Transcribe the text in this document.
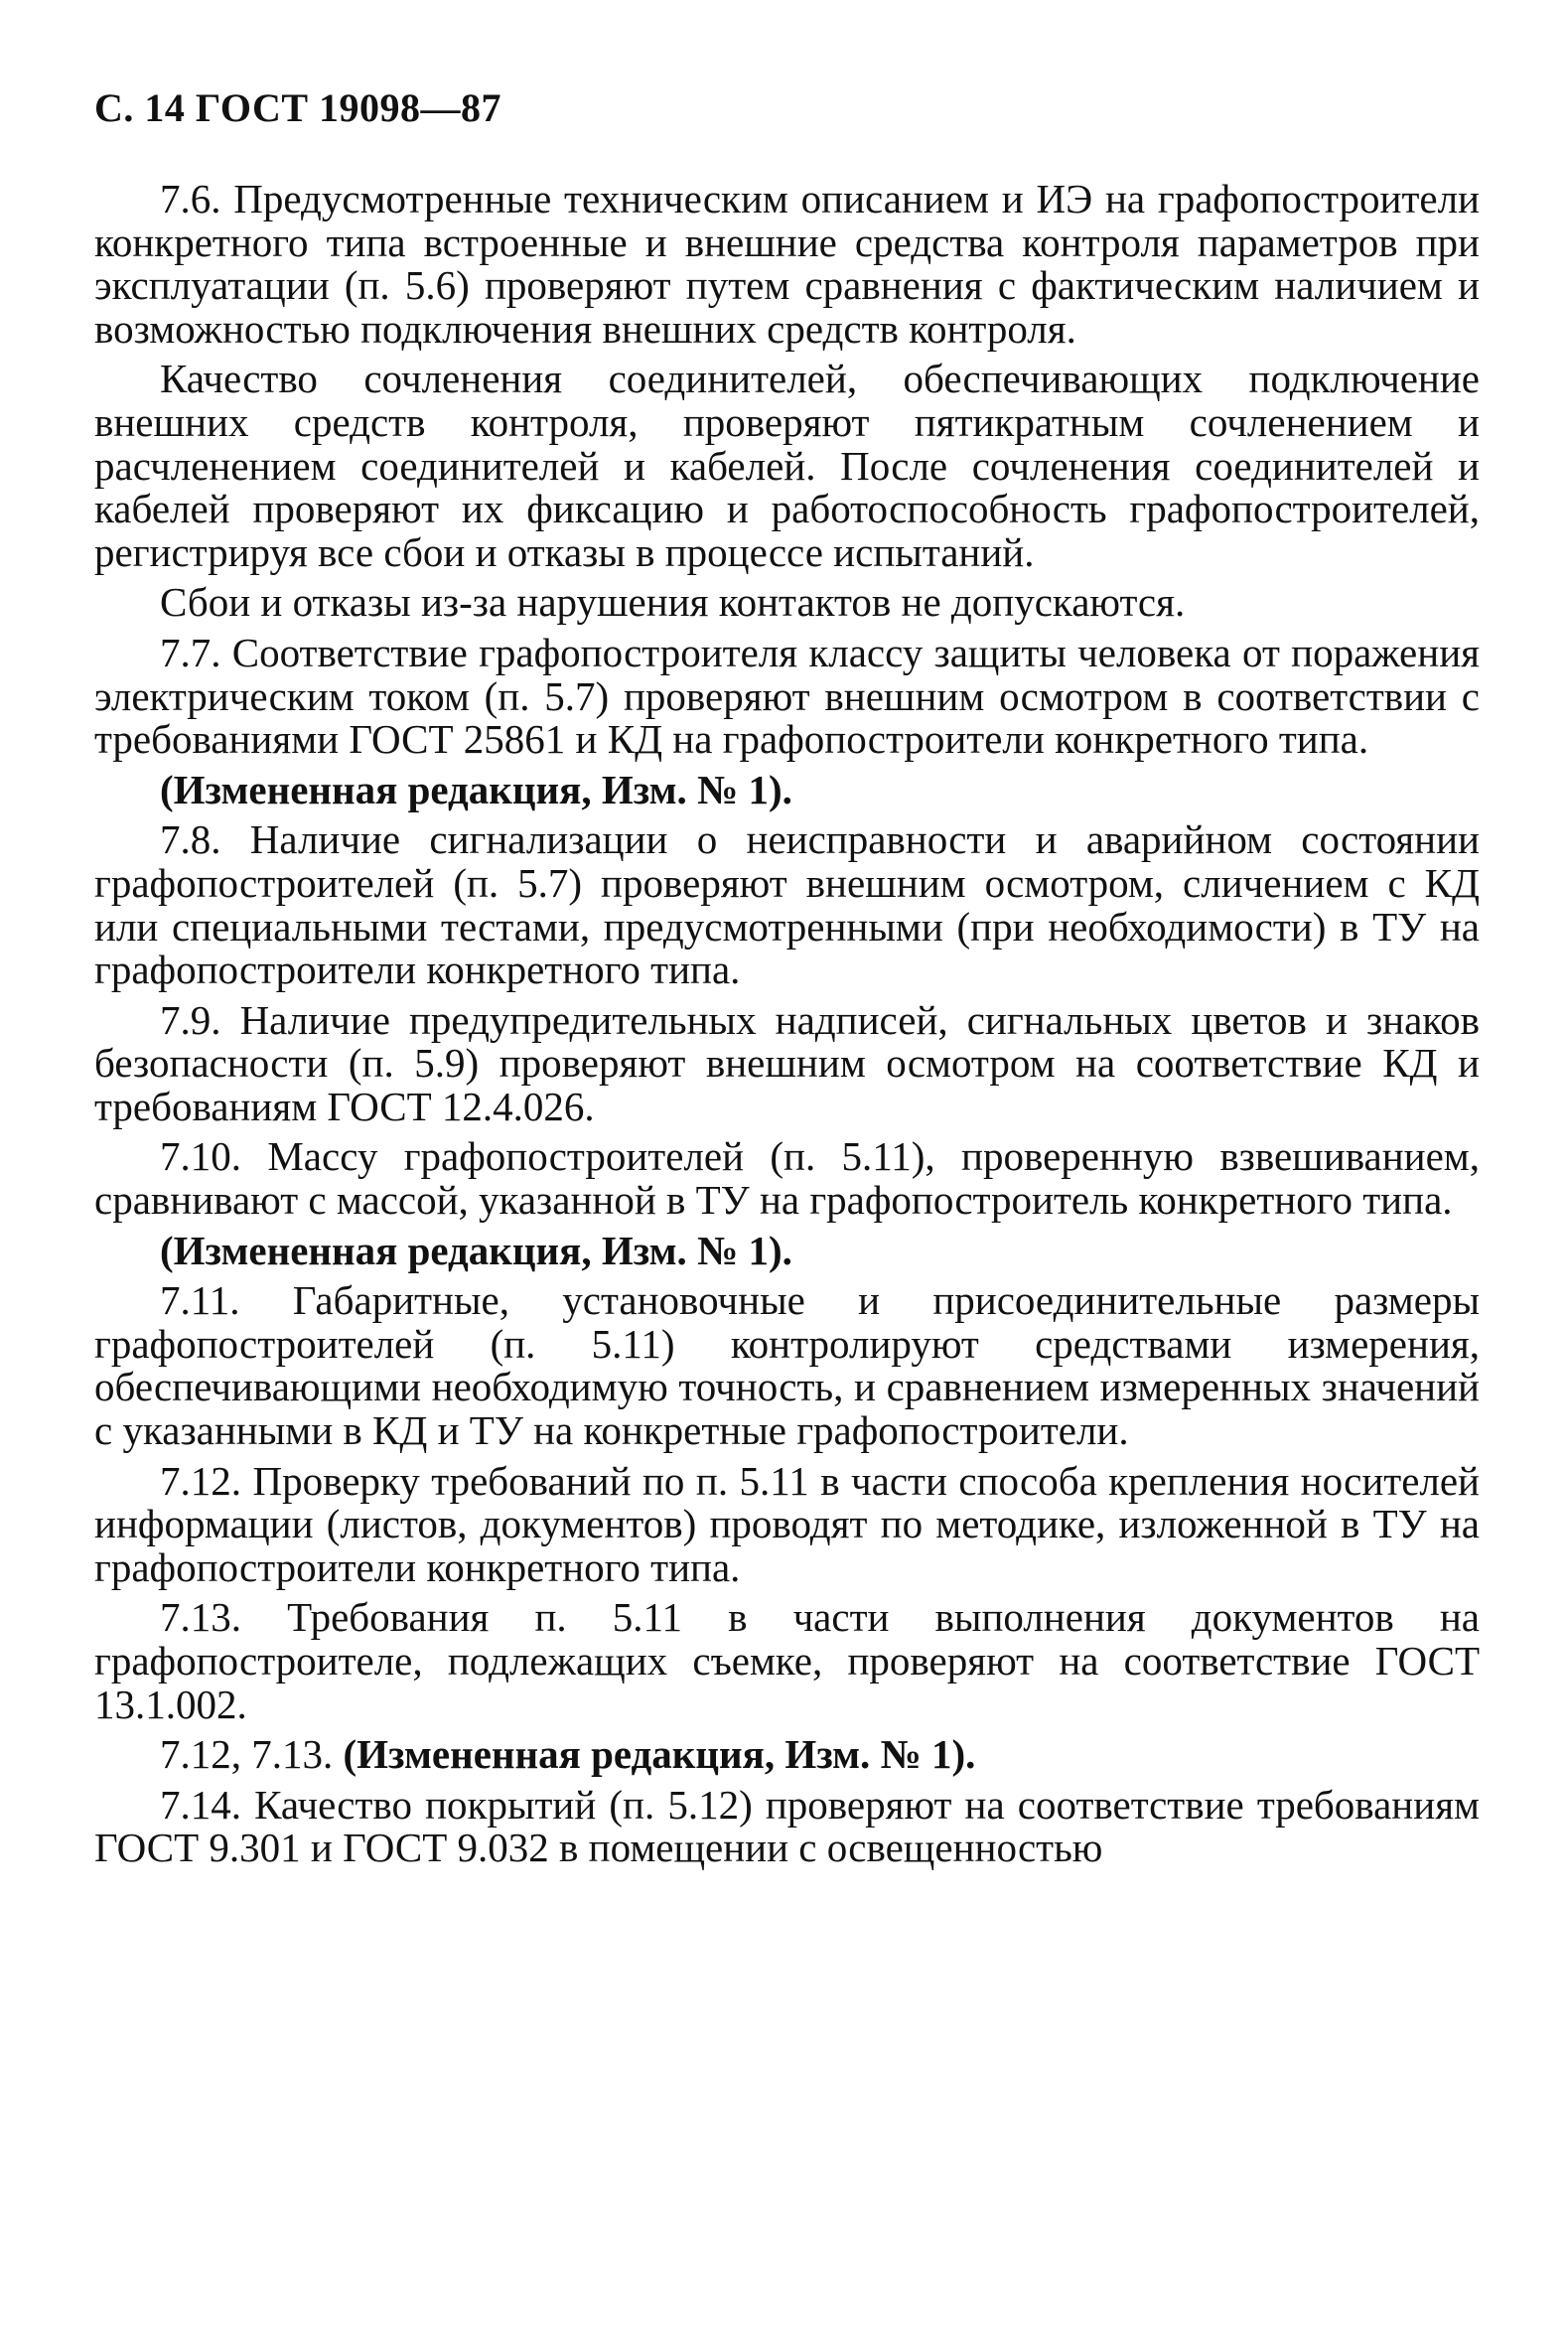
С. 14 ГОСТ 19098—87
7.6. Предусмотренные техническим описанием и ИЭ на графопостроители конкретного типа встроенные и внешние средства контроля параметров при эксплуатации (п. 5.6) проверяют путем сравнения с фактическим наличием и возможностью подключения внешних средств контроля.
Качество сочленения соединителей, обеспечивающих подключение внешних средств контроля, проверяют пятикратным сочленением и расчленением соединителей и кабелей. После сочленения соединителей и кабелей проверяют их фиксацию и работоспособность графопостроителей, регистрируя все сбои и отказы в процессе испытаний.
Сбои и отказы из-за нарушения контактов не допускаются.
7.7. Соответствие графопостроителя классу защиты человека от поражения электрическим током (п. 5.7) проверяют внешним осмотром в соответствии с требованиями ГОСТ 25861 и КД на графопостроители конкретного типа.
(Измененная редакция, Изм. № 1).
7.8. Наличие сигнализации о неисправности и аварийном состоянии графопостроителей (п. 5.7) проверяют внешним осмотром, сличением с КД или специальными тестами, предусмотренными (при необходимости) в ТУ на графопостроители конкретного типа.
7.9. Наличие предупредительных надписей, сигнальных цветов и знаков безопасности (п. 5.9) проверяют внешним осмотром на соответствие КД и требованиям ГОСТ 12.4.026.
7.10. Массу графопостроителей (п. 5.11), проверенную взвешиванием, сравнивают с массой, указанной в ТУ на графопостроитель конкретного типа.
(Измененная редакция, Изм. № 1).
7.11. Габаритные, установочные и присоединительные размеры графопостроителей (п. 5.11) контролируют средствами измерения, обеспечивающими необходимую точность, и сравнением измеренных значений с указанными в КД и ТУ на конкретные графопостроители.
7.12. Проверку требований по п. 5.11 в части способа крепления носителей информации (листов, документов) проводят по методике, изложенной в ТУ на графопостроители конкретного типа.
7.13. Требования п. 5.11 в части выполнения документов на графопостроителе, подлежащих съемке, проверяют на соответствие ГОСТ 13.1.002.
7.12, 7.13. (Измененная редакция, Изм. № 1).
7.14. Качество покрытий (п. 5.12) проверяют на соответствие требованиям ГОСТ 9.301 и ГОСТ 9.032 в помещении с освещенностью
